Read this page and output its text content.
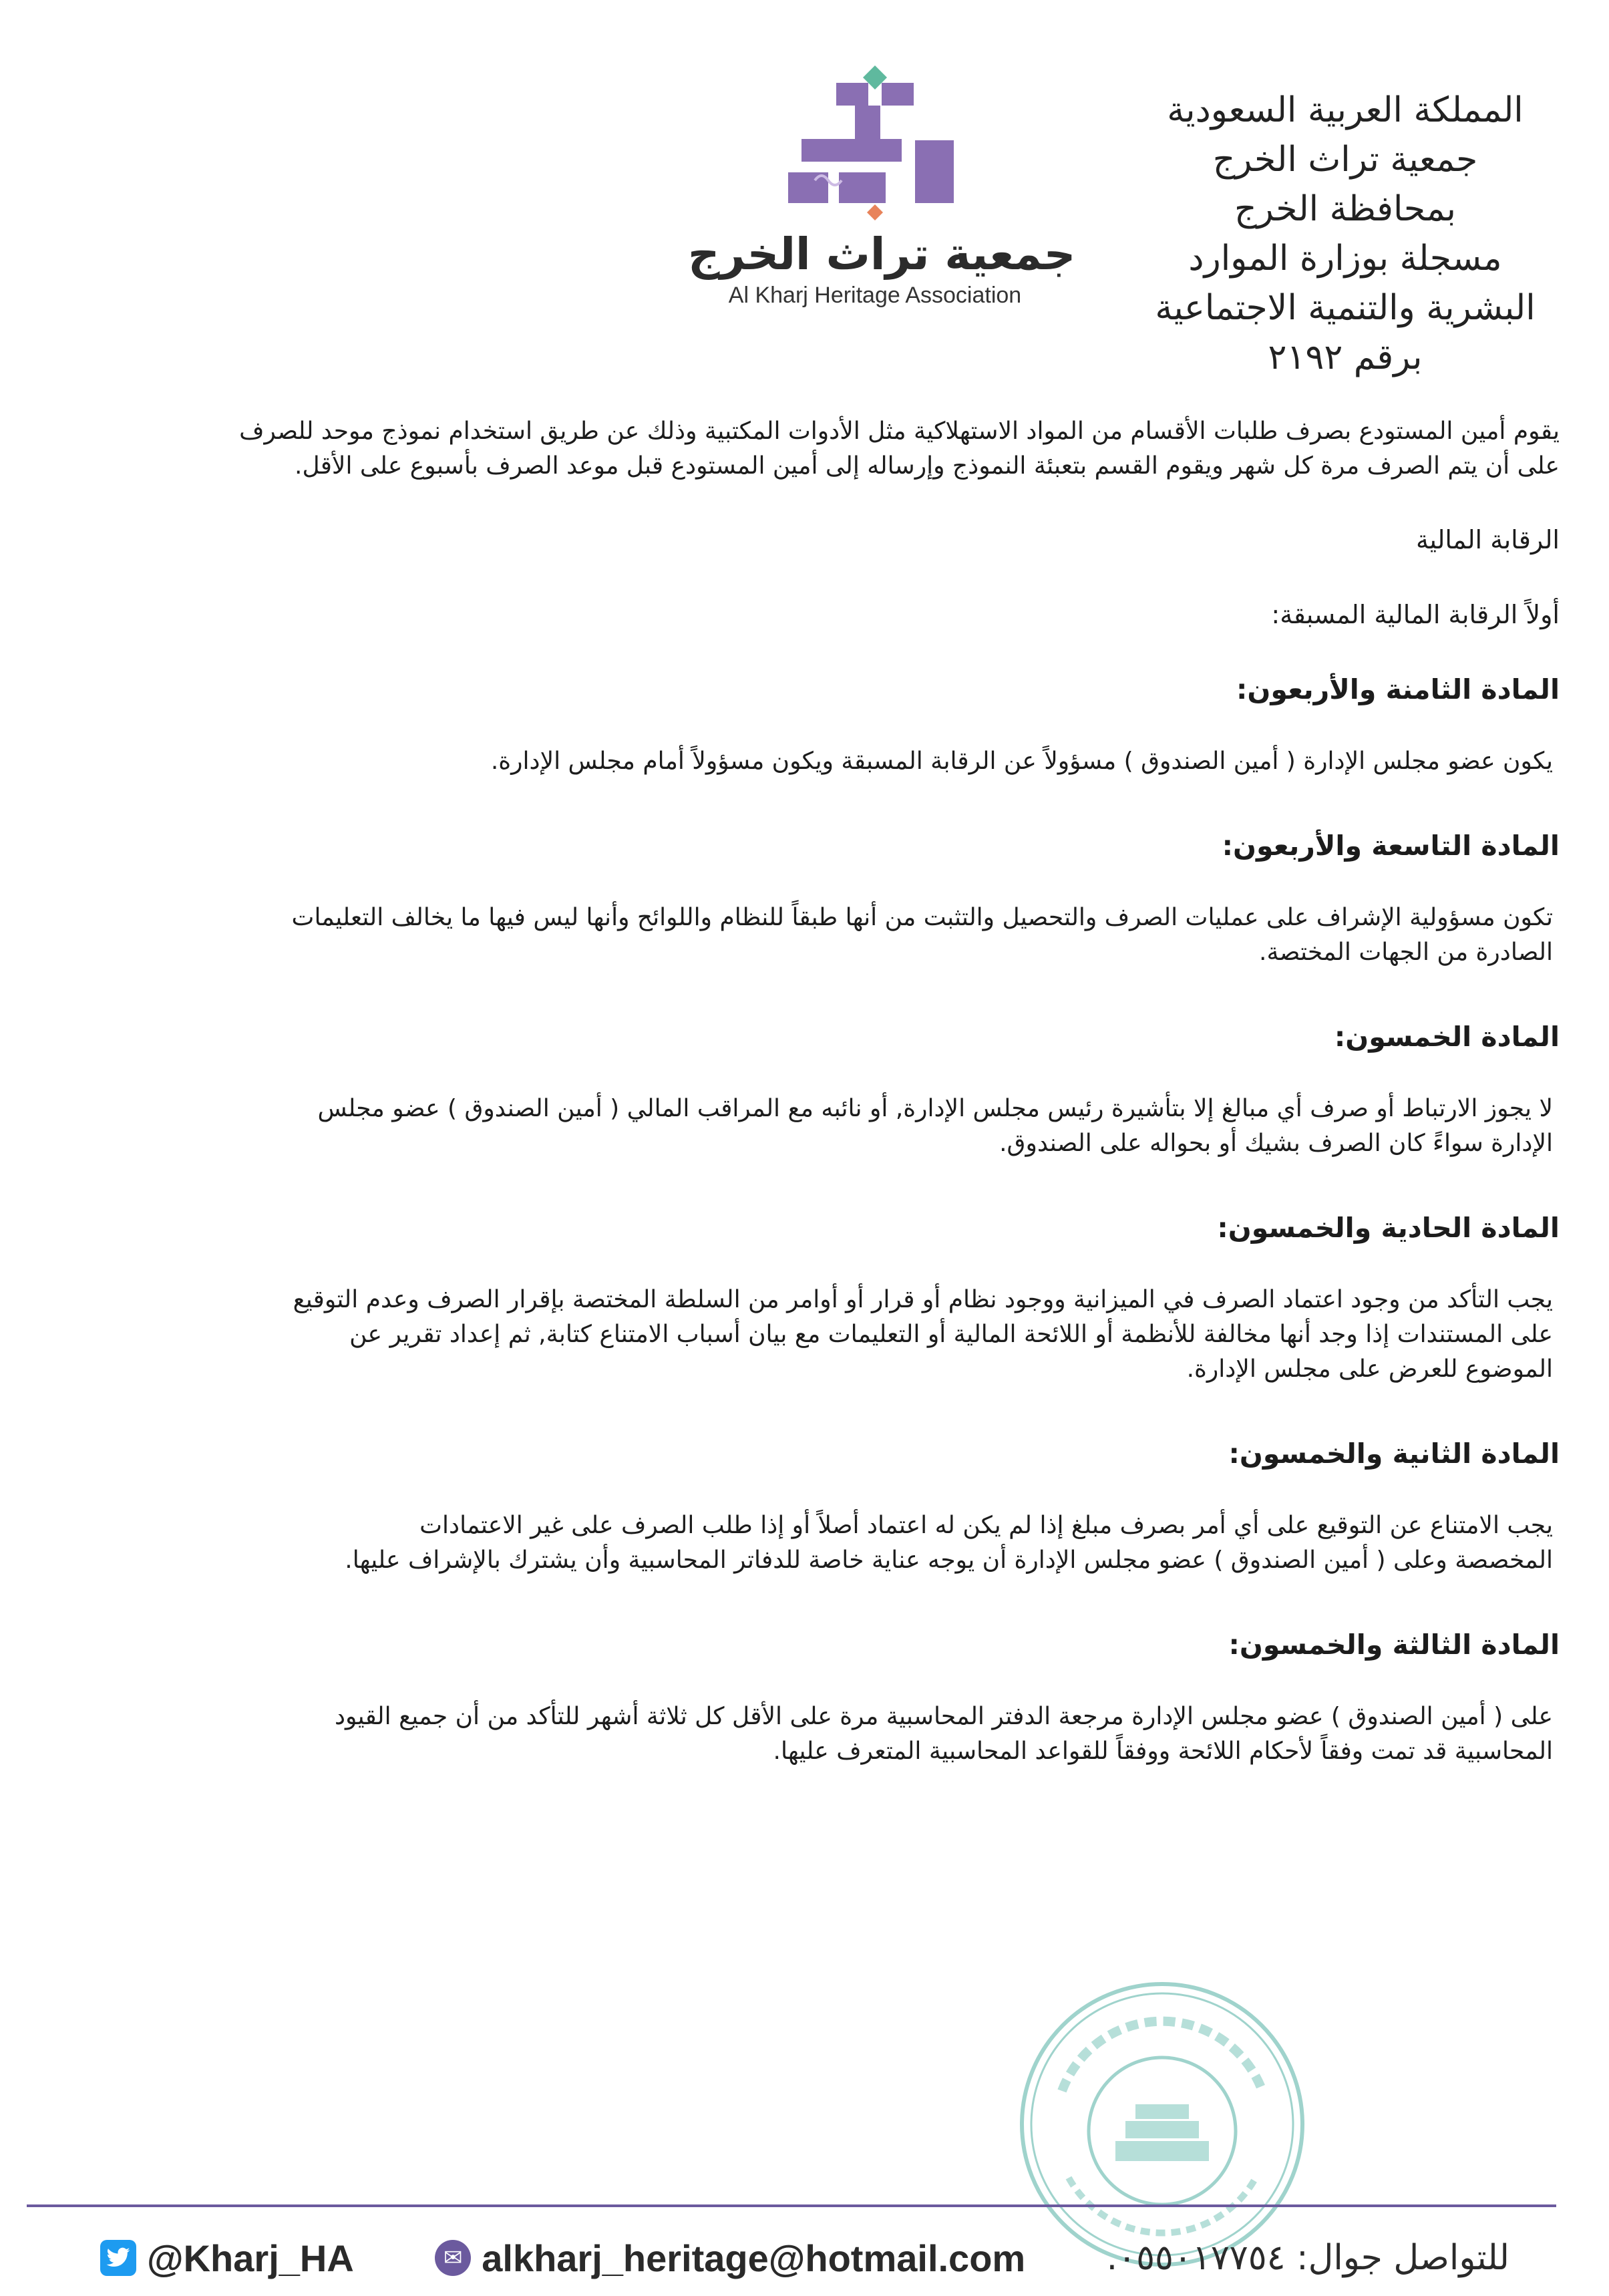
المملكة العربية السعودية
جمعية تراث الخرج
بمحافظة الخرج
مسجلة بوزارة الموارد
البشرية والتنمية الاجتماعية
برقم ٢١٩٢
جمعية تراث الخرج
Al Kharj Heritage Association
يقوم أمين المستودع بصرف طلبات الأقسام من المواد الاستهلاكية مثل الأدوات المكتبية وذلك عن طريق استخدام نموذج موحد للصرف
على أن يتم الصرف مرة كل شهر ويقوم القسم بتعبئة النموذج وإرساله إلى أمين المستودع قبل موعد الصرف بأسبوع على الأقل.
الرقابة المالية
أولاً الرقابة المالية المسبقة:
المادة الثامنة والأربعون:
يكون عضو مجلس الإدارة ( أمين الصندوق ) مسؤولاً عن الرقابة المسبقة ويكون مسؤولاً أمام مجلس الإدارة.
المادة التاسعة والأربعون:
تكون مسؤولية الإشراف على عمليات الصرف والتحصيل والتثبت من أنها طبقاً للنظام واللوائح وأنها ليس فيها ما يخالف التعليمات
الصادرة من الجهات المختصة.
المادة الخمسون:
لا يجوز الارتباط أو صرف أي مبالغ إلا بتأشيرة رئيس مجلس الإدارة, أو نائبه مع المراقب المالي ( أمين الصندوق ) عضو مجلس
الإدارة سواءً كان الصرف بشيك أو بحواله على الصندوق.
المادة الحادية والخمسون:
يجب التأكد من وجود اعتماد الصرف في الميزانية ووجود نظام أو قرار أو أوامر من السلطة المختصة بإقرار الصرف وعدم التوقيع
على المستندات إذا وجد أنها مخالفة للأنظمة أو اللائحة المالية أو التعليمات مع بيان أسباب الامتناع كتابة, ثم إعداد تقرير عن
الموضوع للعرض على مجلس الإدارة.
المادة الثانية والخمسون:
يجب الامتناع عن التوقيع على أي أمر بصرف مبلغ إذا لم يكن له اعتماد أصلاً أو إذا طلب الصرف على غير الاعتمادات
المخصصة وعلى ( أمين الصندوق ) عضو مجلس الإدارة أن يوجه عناية خاصة للدفاتر المحاسبية وأن يشترك بالإشراف عليها.
المادة الثالثة والخمسون:
على ( أمين الصندوق ) عضو مجلس الإدارة مرجعة الدفتر المحاسبية مرة على الأقل كل ثلاثة أشهر للتأكد من أن جميع القيود
المحاسبية قد تمت وفقاً لأحكام اللائحة ووفقاً للقواعد المحاسبية المتعرف عليها.
@Kharj_HA	✉ alkharj_heritage@hotmail.com للتواصل جوال: ٠٥٥٠١٧٧٥٤.
